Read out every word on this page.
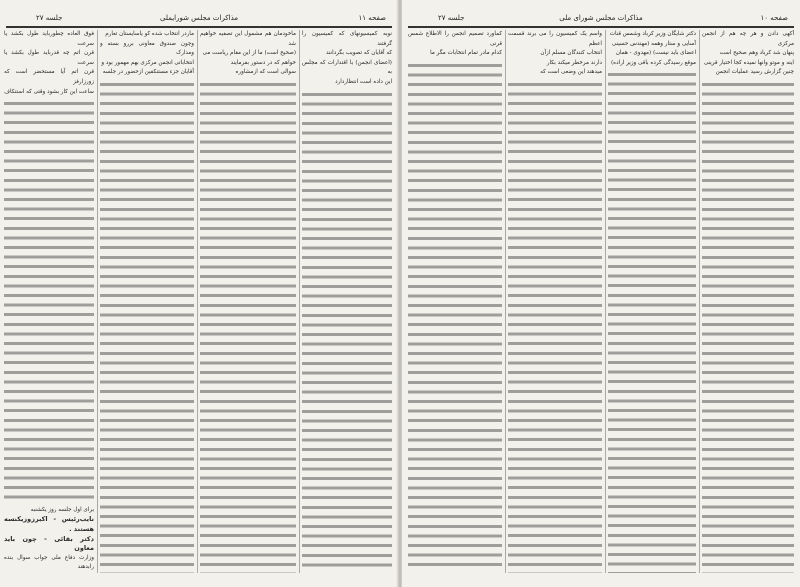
صفحه ۱۱
مذاکرات مجلس شورایملی
جلسه ۲۷

نوبه کمیسیونهای که کمیسیون را گرفتند

که آقایان که تصویب بگردانند

(اعضای انجمن) با اقتدارات که مجلس به

این داده است انتظاردارد

ماخودمان هم مشمول این تصفیه خواهیم شد

(صحیح است) ما از این مقام ریاست می

خواهم که در دستور بفرمایند

سوالی است که ازمشاوره

ماردر انتخاب شده کو یاسایستان تعارم

وچون صندوق معاونی بررو بسته و ومدارک

انتخاباتی انجمن مرکزی بهم مهمور بود و

آقایان جزء مستنکفین ازحضور در جلسه

فوق العاده چطورباید طول بکشد یا سرعت

قرن اتم چه قدرباید طول بکشد یا سرعت

قرن اتم آیا مستحضر است که زورزارفز

ساعت این کار بشود وقتی که استنکاف

برای اول جلسه روز یکشنبه

نایب‌رئیس - اکبرزوزیکنسه هستند .

دکتر بقائی - چون باید معاون

وزارت دفاع ملی جواب سوال بنده رابدهند

صفحه ۱۰
مذاکرات مجلس شورای ملی
جلسه ۲۷

آکهی دادن و هر چه هم از انجمن مرکزی

پنهان شد کرباد وهم صحیح است

اینه و موتو وانها نمیده کجا اختیار قرینی

چنین گزارش رسید عملیات انجمن

دکتر شایگان وزیر کرباد وشمس قنات

آسایی و ستار وهمه (مهندس حسینی

اعضای باید نیست) (مهدوی - همان

موقع رسیدگی کرده باقی وزیر اراده)

واسم یک کمیسیون را می برند قسمت اعظم

انتخاب کنندگان مسلم ازآن

دارند مرخطر میکند بکار

میدهند این وضعی است که

کماورد تصمیم انجمن را الاطلاع شمس قرنی

کدام مادر تمام انتخابات مگر ما
